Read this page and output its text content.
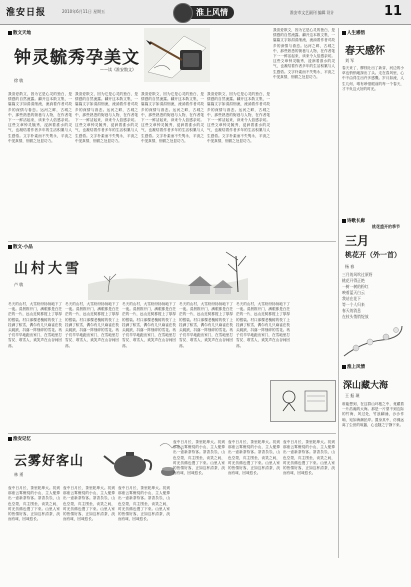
淮安日报	2010年6月11日 星期五	淮上风情	淮安市文艺副刊 编辑 设计	11
散文天地
钟灵毓秀孕美文
——读《淮安散文》
徐 敏
我喜爱散文，因为它是心灵的独白，是情感的自然流露。翻开这本散文集，一篇篇文字如涓涓细流，流淌着作者对故乡的深情与眷恋。运河之畔，古城之中，那些熟悉的街巷与人物，在作者笔下一一鲜活起来，读来令人倍感亲切。这些文章钟灵毓秀，浸润着淮水的灵气，也凝结着作者多年的生活积累与人生感悟。文字朴素而不失隽永，平淡之中见真情，细微之处显功力。
我喜爱散文，因为它是心灵的独白，是情感的自然流露。翻开这本散文集，一篇篇文字如涓涓细流，流淌着作者对故乡的深情与眷恋。运河之畔，古城之中，那些熟悉的街巷与人物，在作者笔下一一鲜活起来，读来令人倍感亲切。这些文章钟灵毓秀，浸润着淮水的灵气，也凝结着作者多年的生活积累与人生感悟。文字朴素而不失隽永，平淡之中见真情，细微之处显功力。
我喜爱散文，因为它是心灵的独白，是情感的自然流露。翻开这本散文集，一篇篇文字如涓涓细流，流淌着作者对故乡的深情与眷恋。运河之畔，古城之中，那些熟悉的街巷与人物，在作者笔下一一鲜活起来，读来令人倍感亲切。这些文章钟灵毓秀，浸润着淮水的灵气，也凝结着作者多年的生活积累与人生感悟。文字朴素而不失隽永，平淡之中见真情，细微之处显功力。
我喜爱散文，因为它是心灵的独白，是情感的自然流露。翻开这本散文集，一篇篇文字如涓涓细流，流淌着作者对故乡的深情与眷恋。运河之畔，古城之中，那些熟悉的街巷与人物，在作者笔下一一鲜活起来，读来令人倍感亲切。这些文章钟灵毓秀，浸润着淮水的灵气，也凝结着作者多年的生活积累与人生感悟。文字朴素而不失隽永，平淡之中见真情，细微之处显功力。
我喜爱散文，因为它是心灵的独白，是情感的自然流露。翻开这本散文集，一篇篇文字如涓涓细流，流淌着作者对故乡的深情与眷恋。运河之畔，古城之中，那些熟悉的街巷与人物，在作者笔下一一鲜活起来，读来令人倍感亲切。这些文章钟灵毓秀，浸润着淮水的灵气，也凝结着作者多年的生活积累与人生感悟。文字朴素而不失隽永，平淡之中见真情，细微之处显功力。
人生感悟
春天感怀
刘 军
春天来了，柳枝吐出了新芽，河边的小草也悄悄地探出了头。走在春风里，心中不由得生出许多感慨。岁月如流，人生几何，唯有珍惜眼前的每一个春天，才不负这大好的时光。
散文·小品
山村大雪
卢 敏
冬天的山村，大雪纷纷扬扬地下了一夜。清晨推开门，满眼都是白茫茫的一片，远山近树都披上了厚厚的银装。村口那棵老槐树的枝丫上挂满了积雪，偶尔有几只麻雀在枝头跳跃，抖落一阵细碎的雪花。孩子们早早地跑出家门，在雪地里打雪仗、堆雪人，欢笑声在山谷间回荡。
冬天的山村，大雪纷纷扬扬地下了一夜。清晨推开门，满眼都是白茫茫的一片，远山近树都披上了厚厚的银装。村口那棵老槐树的枝丫上挂满了积雪，偶尔有几只麻雀在枝头跳跃，抖落一阵细碎的雪花。孩子们早早地跑出家门，在雪地里打雪仗、堆雪人，欢笑声在山谷间回荡。
冬天的山村，大雪纷纷扬扬地下了一夜。清晨推开门，满眼都是白茫茫的一片，远山近树都披上了厚厚的银装。村口那棵老槐树的枝丫上挂满了积雪，偶尔有几只麻雀在枝头跳跃，抖落一阵细碎的雪花。孩子们早早地跑出家门，在雪地里打雪仗、堆雪人，欢笑声在山谷间回荡。
冬天的山村，大雪纷纷扬扬地下了一夜。清晨推开门，满眼都是白茫茫的一片，远山近树都披上了厚厚的银装。村口那棵老槐树的枝丫上挂满了积雪，偶尔有几只麻雀在枝头跳跃，抖落一阵细碎的雪花。孩子们早早地跑出家门，在雪地里打雪仗、堆雪人，欢笑声在山谷间回荡。
冬天的山村，大雪纷纷扬扬地下了一夜。清晨推开门，满眼都是白茫茫的一片，远山近树都披上了厚厚的银装。村口那棵老槐树的枝丫上挂满了积雪，偶尔有几只麻雀在枝头跳跃，抖落一阵细碎的雪花。孩子们早早地跑出家门，在雪地里打雪仗、堆雪人，欢笑声在山谷间回荡。
诗歌长廊
三月
桃花开（外一首）
杨 春
桃花盛开的季节
三月的风吹过原野
桃花开得正艳
一树一树的粉红
映着蓝天白云
我站在花下
等一个人归来
春天的消息
在枝头悄悄绽放
淮上风情
深山藏大海
王 振 瑛
谁能想到，在这群山环抱之中，竟藏着一片浩瀚的大海。那是一片望不到边际的竹海，风过处，竹浪翻涌，沙沙作响，宛如海潮拍岸。置身其中，仿佛远离了尘世的喧嚣，心也随之宁静下来。
淮安记忆
云雾好客山
林 勇
壶中日月长，茶里乾坤大。初到那座云雾缭绕的小山，主人便捧出一壶新茶待客。茶香袅袅，山色空蒙，宾主围坐，谈笑之间，时光仿佛也慢了下来。山里人家的热情好客，正如这杯清茶，淡而有味，回味悠长。
壶中日月长，茶里乾坤大。初到那座云雾缭绕的小山，主人便捧出一壶新茶待客。茶香袅袅，山色空蒙，宾主围坐，谈笑之间，时光仿佛也慢了下来。山里人家的热情好客，正如这杯清茶，淡而有味，回味悠长。
壶中日月长，茶里乾坤大。初到那座云雾缭绕的小山，主人便捧出一壶新茶待客。茶香袅袅，山色空蒙，宾主围坐，谈笑之间，时光仿佛也慢了下来。山里人家的热情好客，正如这杯清茶，淡而有味，回味悠长。
壶中日月长，茶里乾坤大。初到那座云雾缭绕的小山，主人便捧出一壶新茶待客。茶香袅袅，山色空蒙，宾主围坐，谈笑之间，时光仿佛也慢了下来。山里人家的热情好客，正如这杯清茶，淡而有味，回味悠长。
壶中日月长，茶里乾坤大。初到那座云雾缭绕的小山，主人便捧出一壶新茶待客。茶香袅袅，山色空蒙，宾主围坐，谈笑之间，时光仿佛也慢了下来。山里人家的热情好客，正如这杯清茶，淡而有味，回味悠长。
壶中日月长，茶里乾坤大。初到那座云雾缭绕的小山，主人便捧出一壶新茶待客。茶香袅袅，山色空蒙，宾主围坐，谈笑之间，时光仿佛也慢了下来。山里人家的热情好客，正如这杯清茶，淡而有味，回味悠长。
